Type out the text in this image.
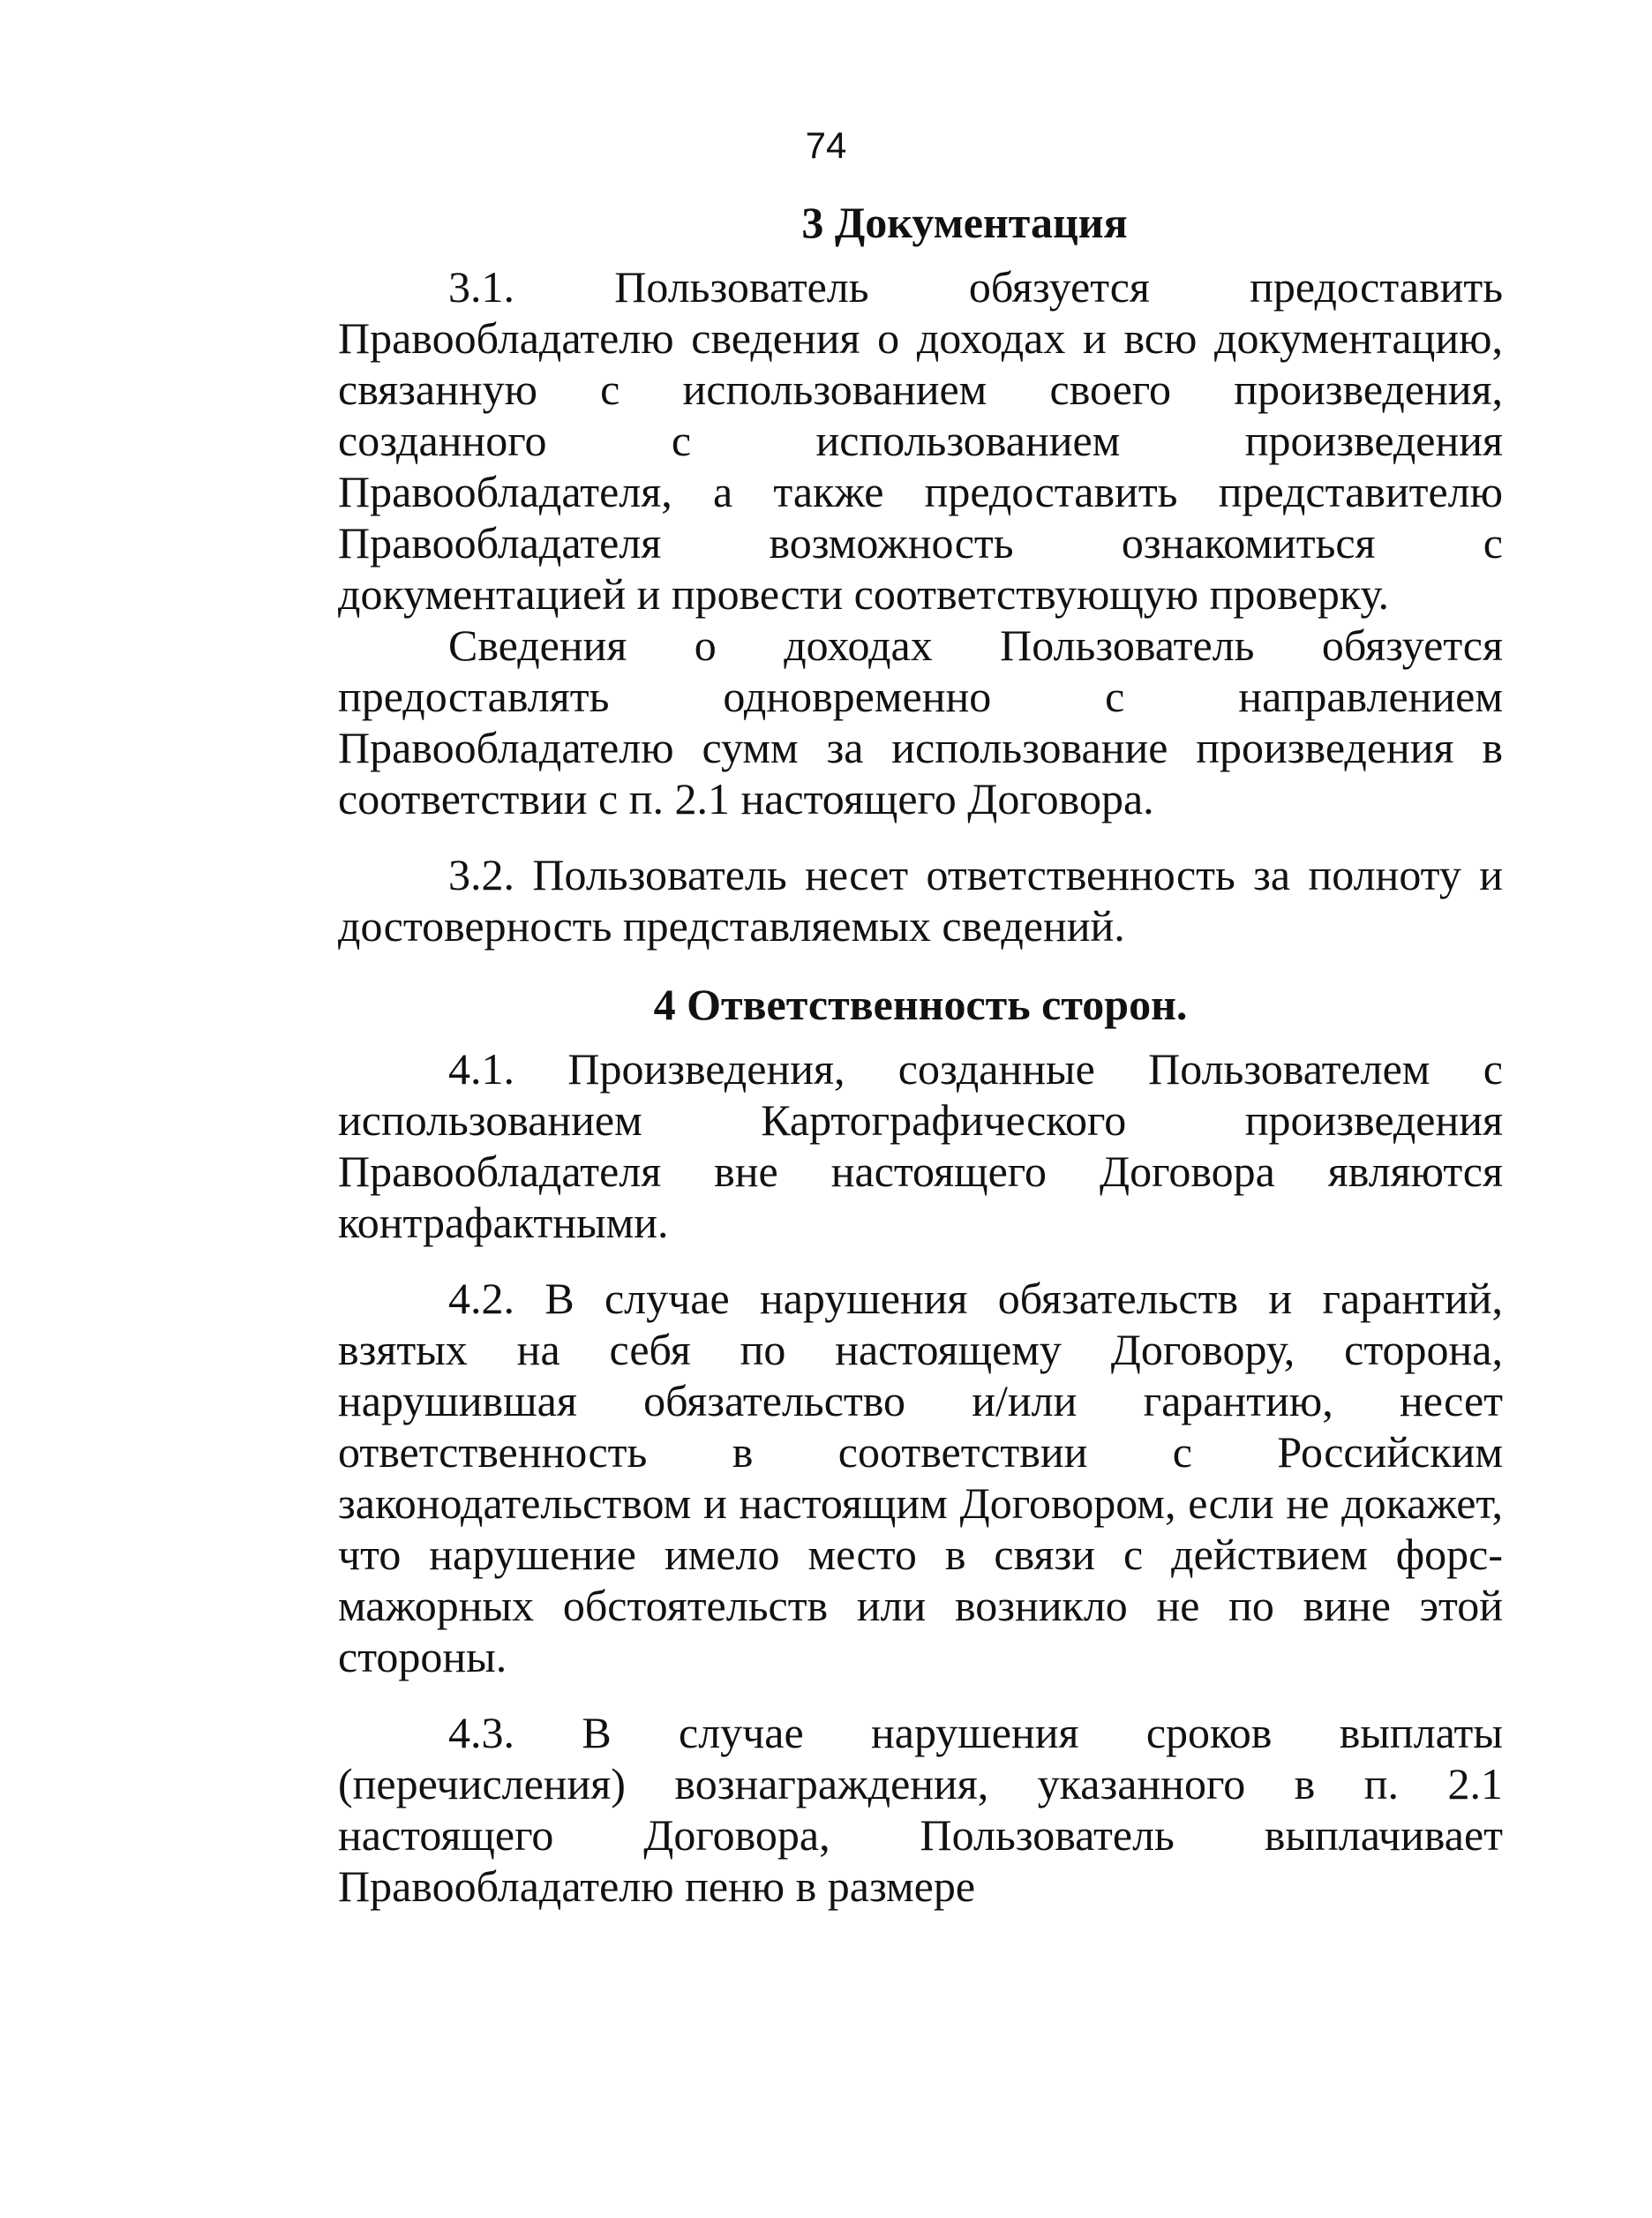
74
3 Документация

3.1. Пользователь обязуется предоставить Правообладателю сведения о доходах и всю документацию, связанную с использованием своего произведения, созданного с использованием произведения Правообладателя, а также предоставить представителю Правообладателя возможность ознакомиться с документацией и провести соответствующую проверку.

Сведения о доходах Пользователь обязуется предоставлять одновременно с направлением Правообладателю сумм за использование произведения в соответствии с п. 2.1 настоящего Договора.

3.2. Пользователь несет ответственность за полноту и достоверность представляемых сведений.

4 Ответственность сторон.

4.1. Произведения, созданные Пользователем с использованием Картографического произведения Правообладателя вне настоящего Договора являются контрафактными.

4.2. В случае нарушения обязательств и гарантий, взятых на себя по настоящему Договору, сторона, нарушившая обязательство и/или гарантию, несет ответственность в соответствии с Российским законодательством и настоящим Договором, если не докажет, что нарушение имело место в связи с действием форс-мажорных обстоятельств или возникло не по вине этой стороны.

4.3. В случае нарушения сроков выплаты (перечисления) вознаграждения, указанного в п. 2.1 настоящего Договора, Пользователь выплачивает Правообладателю пеню в размере
